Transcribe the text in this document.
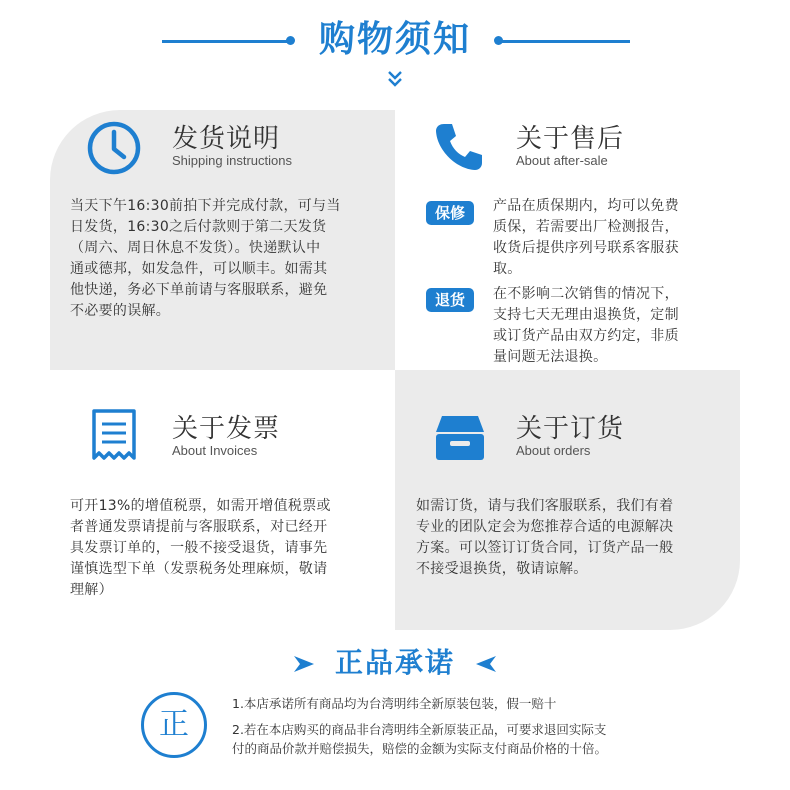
购物须知
发货说明
Shipping instructions
当天下午16:30前拍下并完成付款，可与当
日发货，16:30之后付款则于第二天发货
（周六、周日休息不发货）。快递默认中
通或德邦，如发急件，可以顺丰。如需其
他快递，务必下单前请与客服联系，避免
不必要的误解。
关于售后
About after-sale
保修	产品在质保期内，均可以免费
质保，若需要出厂检测报告，
收货后提供序列号联系客服获
取。
退货	在不影响二次销售的情况下，
支持七天无理由退换货，定制
或订货产品由双方约定，非质
量问题无法退换。
关于发票
About Invoices
可开13%的增值税票，如需开增值税票或
者普通发票请提前与客服联系，对已经开
具发票订单的，一般不接受退货，请事先
谨慎选型下单（发票税务处理麻烦，敬请
理解）
关于订货
About orders
如需订货，请与我们客服联系，我们有着
专业的团队定会为您推荐合适的电源解决
方案。可以签订订货合同，订货产品一般
不接受退换货，敬请谅解。
正品承诺
正
1.本店承诺所有商品均为台湾明纬全新原装包装，假一赔十
2.若在本店购买的商品非台湾明纬全新原装正品，可要求退回实际支
付的商品价款并赔偿损失，赔偿的金额为实际支付商品价格的十倍。
